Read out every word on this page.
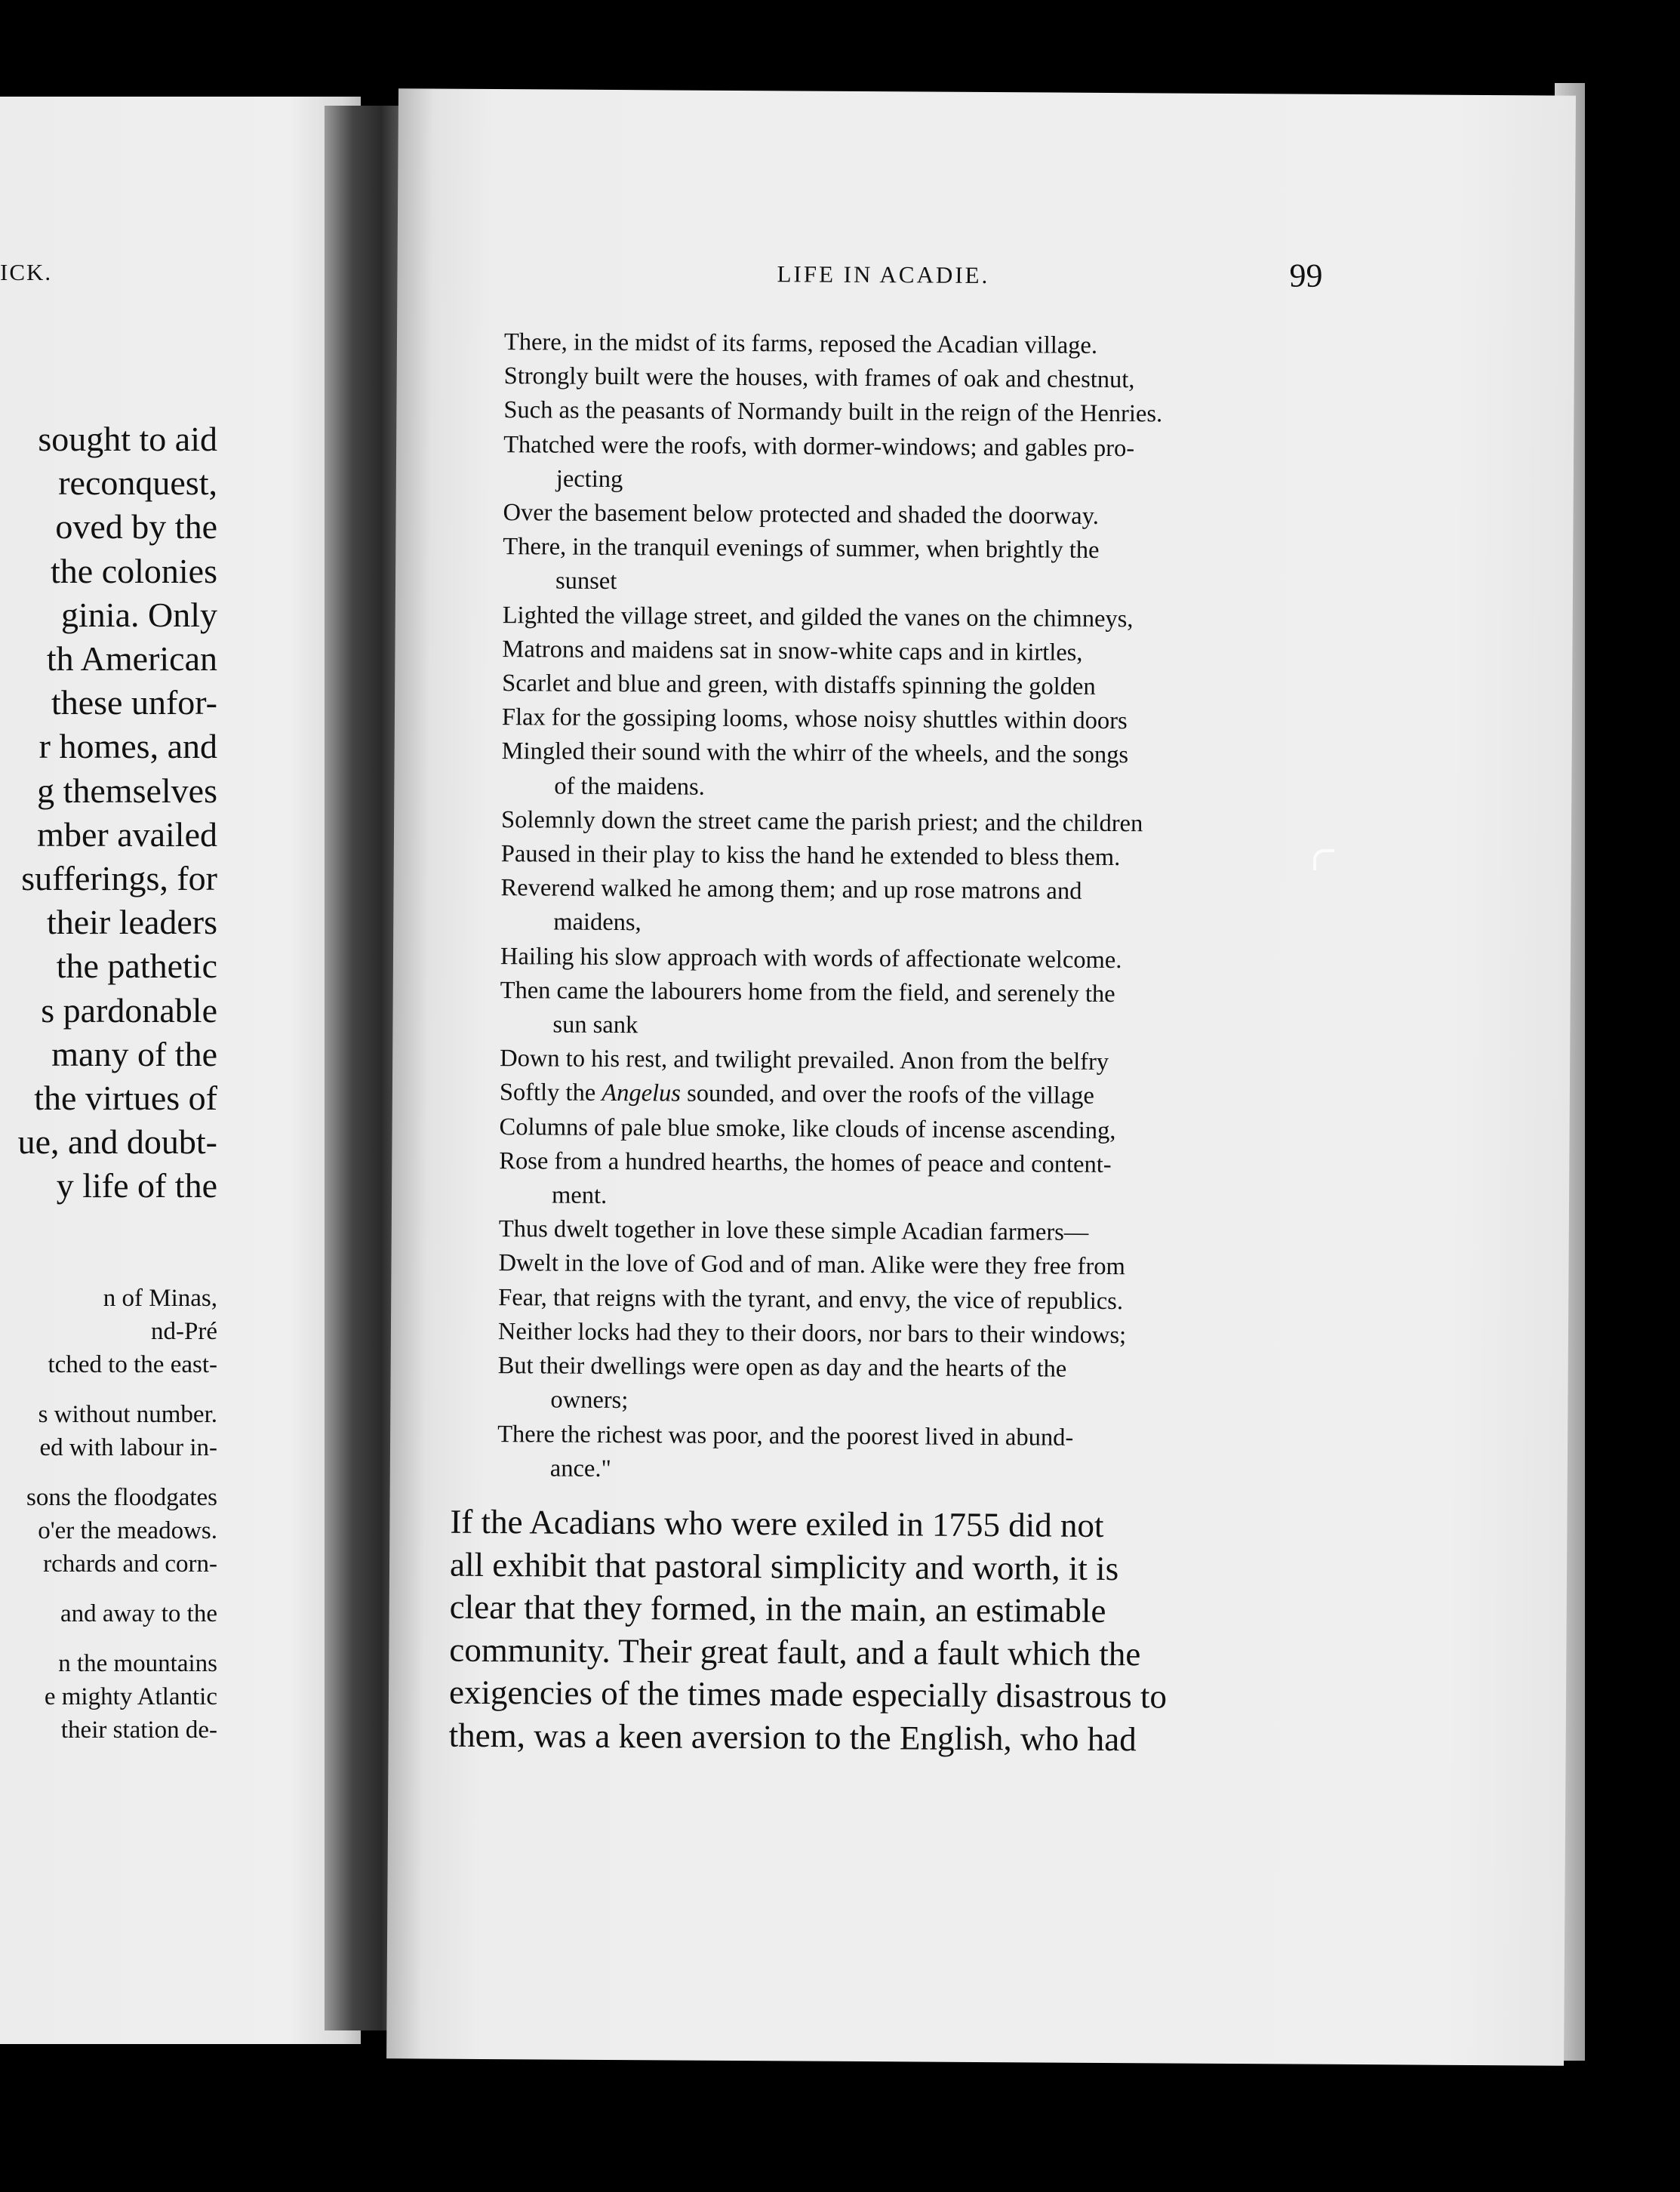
ICK.
sought to aid
reconquest,
oved by the
the colonies
ginia. Only
th American
these unfor-
r homes, and
g themselves
mber availed
sufferings, for
their leaders
the pathetic
s pardonable
many of the
the virtues of
ue, and doubt-
y life of the
n of Minas,
nd-Pré
tched to the east-
s without number.
ed with labour in-
sons the floodgates
o'er the meadows.
rchards and corn-
and away to the
n the mountains
e mighty Atlantic
their station de-
LIFE IN ACADIE.	99
There, in the midst of its farms, reposed the Acadian village.
Strongly built were the houses, with frames of oak and chestnut,
Such as the peasants of Normandy built in the reign of the Henries.
Thatched were the roofs, with dormer-windows; and gables pro-
jecting
Over the basement below protected and shaded the doorway.
There, in the tranquil evenings of summer, when brightly the
sunset
Lighted the village street, and gilded the vanes on the chimneys,
Matrons and maidens sat in snow-white caps and in kirtles,
Scarlet and blue and green, with distaffs spinning the golden
Flax for the gossiping looms, whose noisy shuttles within doors
Mingled their sound with the whirr of the wheels, and the songs
of the maidens.
Solemnly down the street came the parish priest; and the children
Paused in their play to kiss the hand he extended to bless them.
Reverend walked he among them; and up rose matrons and
maidens,
Hailing his slow approach with words of affectionate welcome.
Then came the labourers home from the field, and serenely the
sun sank
Down to his rest, and twilight prevailed. Anon from the belfry
Softly the Angelus sounded, and over the roofs of the village
Columns of pale blue smoke, like clouds of incense ascending,
Rose from a hundred hearths, the homes of peace and content-
ment.
Thus dwelt together in love these simple Acadian farmers—
Dwelt in the love of God and of man. Alike were they free from
Fear, that reigns with the tyrant, and envy, the vice of republics.
Neither locks had they to their doors, nor bars to their windows;
But their dwellings were open as day and the hearts of the
owners;
There the richest was poor, and the poorest lived in abund-
ance."
If the Acadians who were exiled in 1755 did not
all exhibit that pastoral simplicity and worth, it is
clear that they formed, in the main, an estimable
community. Their great fault, and a fault which the
exigencies of the times made especially disastrous to
them, was a keen aversion to the English, who had
